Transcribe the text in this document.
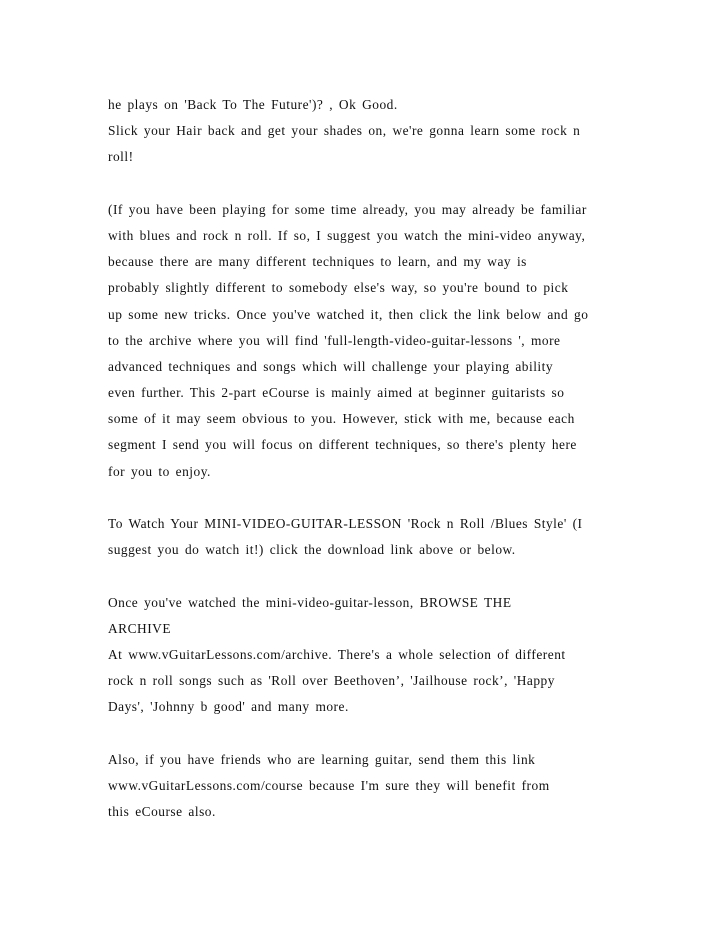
he plays on 'Back To The Future')? , Ok Good.
Slick your Hair back and get your shades on, we're gonna learn some rock n
roll!
(If you have been playing for some time already, you may already be familiar
with blues and rock n roll. If so, I suggest you watch the mini-video anyway,
because there are many different techniques to learn, and my way is
probably slightly different to somebody else's way, so you're bound to pick
up some new tricks. Once you've watched it, then click the link below and go
to the archive where you will find 'full-length-video-guitar-lessons ', more
advanced techniques and songs which will challenge your playing ability
even further. This 2-part eCourse is mainly aimed at beginner guitarists so
some of it may seem obvious to you. However, stick with me, because each
segment I send you will focus on different techniques, so there's plenty here
for you to enjoy.
To Watch Your MINI-VIDEO-GUITAR-LESSON 'Rock n Roll /Blues Style' (I
suggest you do watch it!) click the download link above or below.
Once you've watched the mini-video-guitar-lesson, BROWSE THE
ARCHIVE
At www.vGuitarLessons.com/archive. There's a whole selection of different
rock n roll songs such as 'Roll over Beethoven’, 'Jailhouse rock’, 'Happy
Days', 'Johnny b good' and many more.
Also, if you have friends who are learning guitar, send them this link
www.vGuitarLessons.com/course because I'm sure they will benefit from
this eCourse also.
